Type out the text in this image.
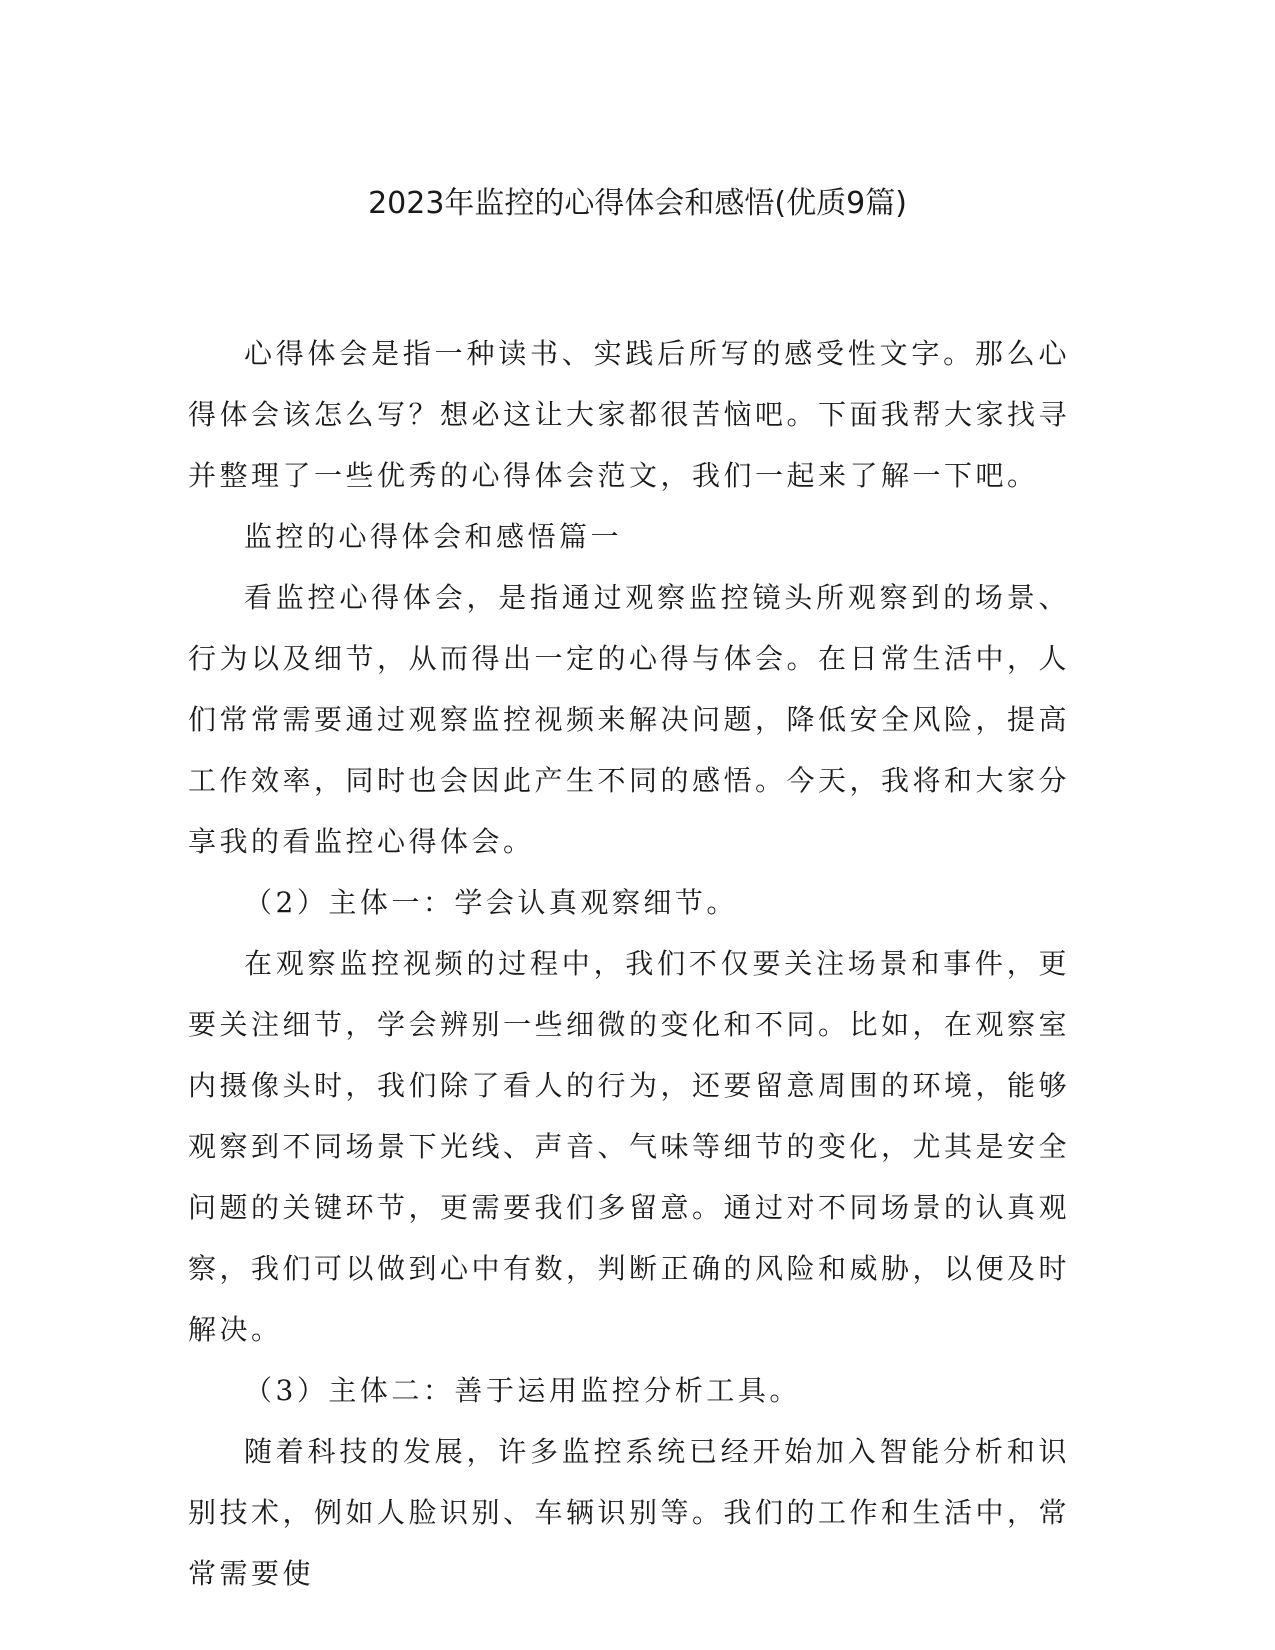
2023年监控的心得体会和感悟(优质9篇)

心得体会是指一种读书、实践后所写的感受性文字。那么心得体会该怎么写？想必这让大家都很苦恼吧。下面我帮大家找寻并整理了一些优秀的心得体会范文，我们一起来了解一下吧。

监控的心得体会和感悟篇一

看监控心得体会，是指通过观察监控镜头所观察到的场景、行为以及细节，从而得出一定的心得与体会。在日常生活中，人们常常需要通过观察监控视频来解决问题，降低安全风险，提高工作效率，同时也会因此产生不同的感悟。今天，我将和大家分享我的看监控心得体会。

（2）主体一：学会认真观察细节。

在观察监控视频的过程中，我们不仅要关注场景和事件，更要关注细节，学会辨别一些细微的变化和不同。比如，在观察室内摄像头时，我们除了看人的行为，还要留意周围的环境，能够观察到不同场景下光线、声音、气味等细节的变化，尤其是安全问题的关键环节，更需要我们多留意。通过对不同场景的认真观察，我们可以做到心中有数，判断正确的风险和威胁，以便及时解决。

（3）主体二：善于运用监控分析工具。

随着科技的发展，许多监控系统已经开始加入智能分析和识别技术，例如人脸识别、车辆识别等。我们的工作和生活中，常常需要使
